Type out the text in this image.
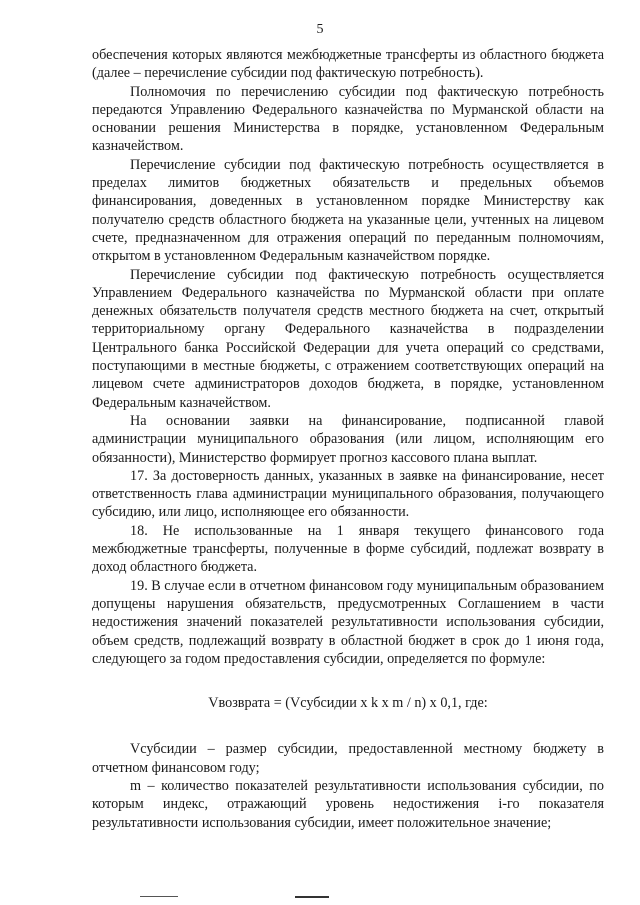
5

обеспечения которых являются межбюджетные трансферты из областного бюджета (далее – перечисление субсидии под фактическую потребность).

Полномочия по перечислению субсидии под фактическую потребность передаются Управлению Федерального казначейства по Мурманской области на основании решения Министерства в порядке, установленном Федеральным казначейством.

Перечисление субсидии под фактическую потребность осуществляется в пределах лимитов бюджетных обязательств и предельных объемов финансирования, доведенных в установленном порядке Министерству как получателю средств областного бюджета на указанные цели, учтенных на лицевом счете, предназначенном для отражения операций по переданным полномочиям, открытом в установленном Федеральным казначейством порядке.

Перечисление субсидии под фактическую потребность осуществляется Управлением Федерального казначейства по Мурманской области при оплате денежных обязательств получателя средств местного бюджета на счет, открытый территориальному органу Федерального казначейства в подразделении Центрального банка Российской Федерации для учета операций со средствами, поступающими в местные бюджеты, с отражением соответствующих операций на лицевом счете администраторов доходов бюджета, в порядке, установленном Федеральным казначейством.

На основании заявки на финансирование, подписанной главой администрации муниципального образования (или лицом, исполняющим его обязанности), Министерство формирует прогноз кассового плана выплат.

17. За достоверность данных, указанных в заявке на финансирование, несет ответственность глава администрации муниципального образования, получающего субсидию, или лицо, исполняющее его обязанности.

18. Не использованные на 1 января текущего финансового года межбюджетные трансферты, полученные в форме субсидий, подлежат возврату в доход областного бюджета.

19. В случае если в отчетном финансовом году муниципальным образованием допущены нарушения обязательств, предусмотренных Соглашением в части недостижения значений показателей результативности использования субсидии, объем средств, подлежащий возврату в областной бюджет в срок до 1 июня года, следующего за годом предоставления субсидии, определяется по формуле:

Vвозврата = (Vсубсидии x k x m / n) x 0,1, где:

Vсубсидии – размер субсидии, предоставленной местному бюджету в отчетном финансовом году;

m – количество показателей результативности использования субсидии, по которым индекс, отражающий уровень недостижения i-го показателя результативности использования субсидии, имеет положительное значение;
